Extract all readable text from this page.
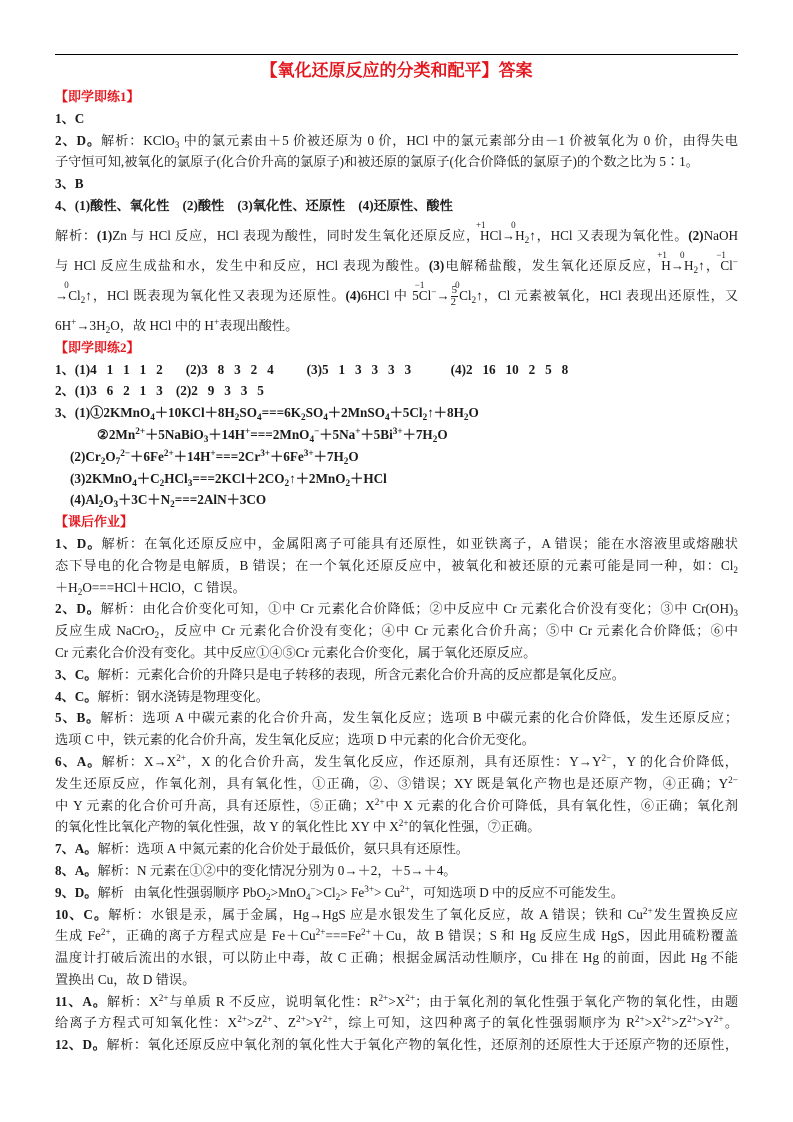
【氧化还原反应的分类和配平】答案
【即学即练1】
1、C
2、D。解析：KClO$_3$ 中的氯元素由＋5 价被还原为 0 价，HCl 中的氯元素部分由－1 价被氧化为 0 价，由得失电
子守恒可知,被氧化的氯原子(化合价升高的氯原子)和被还原的氯原子(化合价降低的氯原子)的个数之比为 5∶1。
3、B
4、(1)酸性、氧化性    (2)酸性    (3)氧化性、还原性    (4)还原性、酸性
解析：(1)Zn 与 HCl 反应，HCl 表现为酸性，同时发生氧化还原反应，H
+1
Cl→H
0
$_2$↑，HCl 又表现为氧化性。(2)NaOH
与 HCl 反应生成盐和水，发生中和反应，HCl 表现为酸性。(3)电解稀盐酸，发生氧化还原反应，H
+1
→H
0
$_2$↑，Cl
−1
−
→Cl
0
$_2$↑，HCl 既表现为氧化性又表现为还原性。(4)6HCl 中 5Cl
−1
$^-\to \frac{5}{2}$ Cl
0
$_2$↑，Cl 元素被氧化，HCl 表现出还原性，又
$6H^+\to 3H_2O$，故 HCl 中的 H+表现出酸性。
【即学即练2】
1、(1)4   1   1   1   2       (2)3   8   3   2   4          (3)5   1   3   3   3   3            (4)2   16   10   2   5   8
2、(1)3   6   2   1   3    (2)2   9   3   3   5
3、$(1)①2KMnO_4+10KCl+8H_2SO_4===6K_2SO_4+2MnSO_4+5Cl_2↑+8H_2O$
$②2Mn^{2+}+5NaBiO_3+14H^+===2MnO_4^-+5Na^++5Bi^{3+}+7H_2O$
$(2)Cr_2O_7^{2-}+6Fe^{2+}+14H^+===2Cr^{3+}+6Fe^{3+}+7H_2O$
$(3)2KMnO_4+C_2HCl_3===2KCl+2CO_2↑+2MnO_2+HCl$
$(4)Al_2O_3+3C+N_2===2AlN+3CO$
【课后作业】
1、D。解析：在氧化还原反应中，金属阳离子可能具有还原性，如亚铁离子，A 错误；能在水溶液里或熔融状
态下导电的化合物是电解质，B 错误；在一个氧化还原反应中，被氧化和被还原的元素可能是同一种，如：$Cl_2$
$+H_2O===HCl+HClO$，C 错误。
2、D。解析：由化合价变化可知，①中 Cr 元素化合价降低；②中反应中 Cr 元素化合价没有变化；③中 $Cr(OH)_3$
反应生成 NaCrO$_2$，反应中 Cr 元素化合价没有变化；④中 Cr 元素化合价升高；⑤中 Cr 元素化合价降低；⑥中
Cr 元素化合价没有变化。其中反应①④⑤Cr 元素化合价变化，属于氧化还原反应。
3、C。解析：元素化合价的升降只是电子转移的表现，所含元素化合价升高的反应都是氧化反应。
4、C。解析：钢水浇铸是物理变化。
5、B。解析：选项 A 中碳元素的化合价升高，发生氧化反应；选项 B 中碳元素的化合价降低，发生还原反应；
选项 C 中，铁元素的化合价升高，发生氧化反应；选项 D 中元素的化合价无变化。
6、A。解析：$X\to X^{2+}$，X 的化合价升高，发生氧化反应，作还原剂，具有还原性：$Y\to Y^{2-}$，Y 的化合价降低，
发生还原反应，作氧化剂，具有氧化性，①正确，②、③错误；XY 既是氧化产物也是还原产物，④正确；$Y^{2-}$
中 Y 元素的化合价可升高，具有还原性，⑤正确；$X^{2+}$中 X 元素的化合价可降低，具有氧化性，⑥正确；氧化剂
的氧化性比氧化产物的氧化性强，故 Y 的氧化性比 XY 中 $X^{2+}$的氧化性强，⑦正确。
7、A。解析：选项 A 中氮元素的化合价处于最低价，氨只具有还原性。
8、A。解析：N 元素在①②中的变化情况分别为 0→＋2，＋5→＋4。
9、D。解析   由氧化性强弱顺序 $PbO_2>MnO_4^->Cl_2> Fe^{3+}> Cu^{2+}$，可知选项 D 中的反应不可能发生。
10、C。解析：水银是汞，属于金属，Hg→HgS 应是水银发生了氧化反应，故 A 错误；铁和 $Cu^{2+}$发生置换反应
生成 $Fe^{2+}$，正确的离子方程式应是 $Fe+Cu^{2+}===Fe^{2+}+Cu$，故 B 错误；S 和 Hg 反应生成 HgS，因此用硫粉覆盖
温度计打破后流出的水银，可以防止中毒，故 C 正确；根据金属活动性顺序，Cu 排在 Hg 的前面，因此 Hg 不能
置换出 Cu，故 D 错误。
11、A。解析：$X^{2+}$与单质 R 不反应，说明氧化性：$R^{2+}>X^{2+}$；由于氧化剂的氧化性强于氧化产物的氧化性，由题
给离子方程式可知氧化性：$X^{2+}>Z^{2+}$、$Z^{2+}>Y^{2+}$，综上可知，这四种离子的氧化性强弱顺序为 $R^{2+}>X^{2+}>Z^{2+}>Y^{2+}$。
12、D。解析：氧化还原反应中氧化剂的氧化性大于氧化产物的氧化性，还原剂的还原性大于还原产物的还原性，
